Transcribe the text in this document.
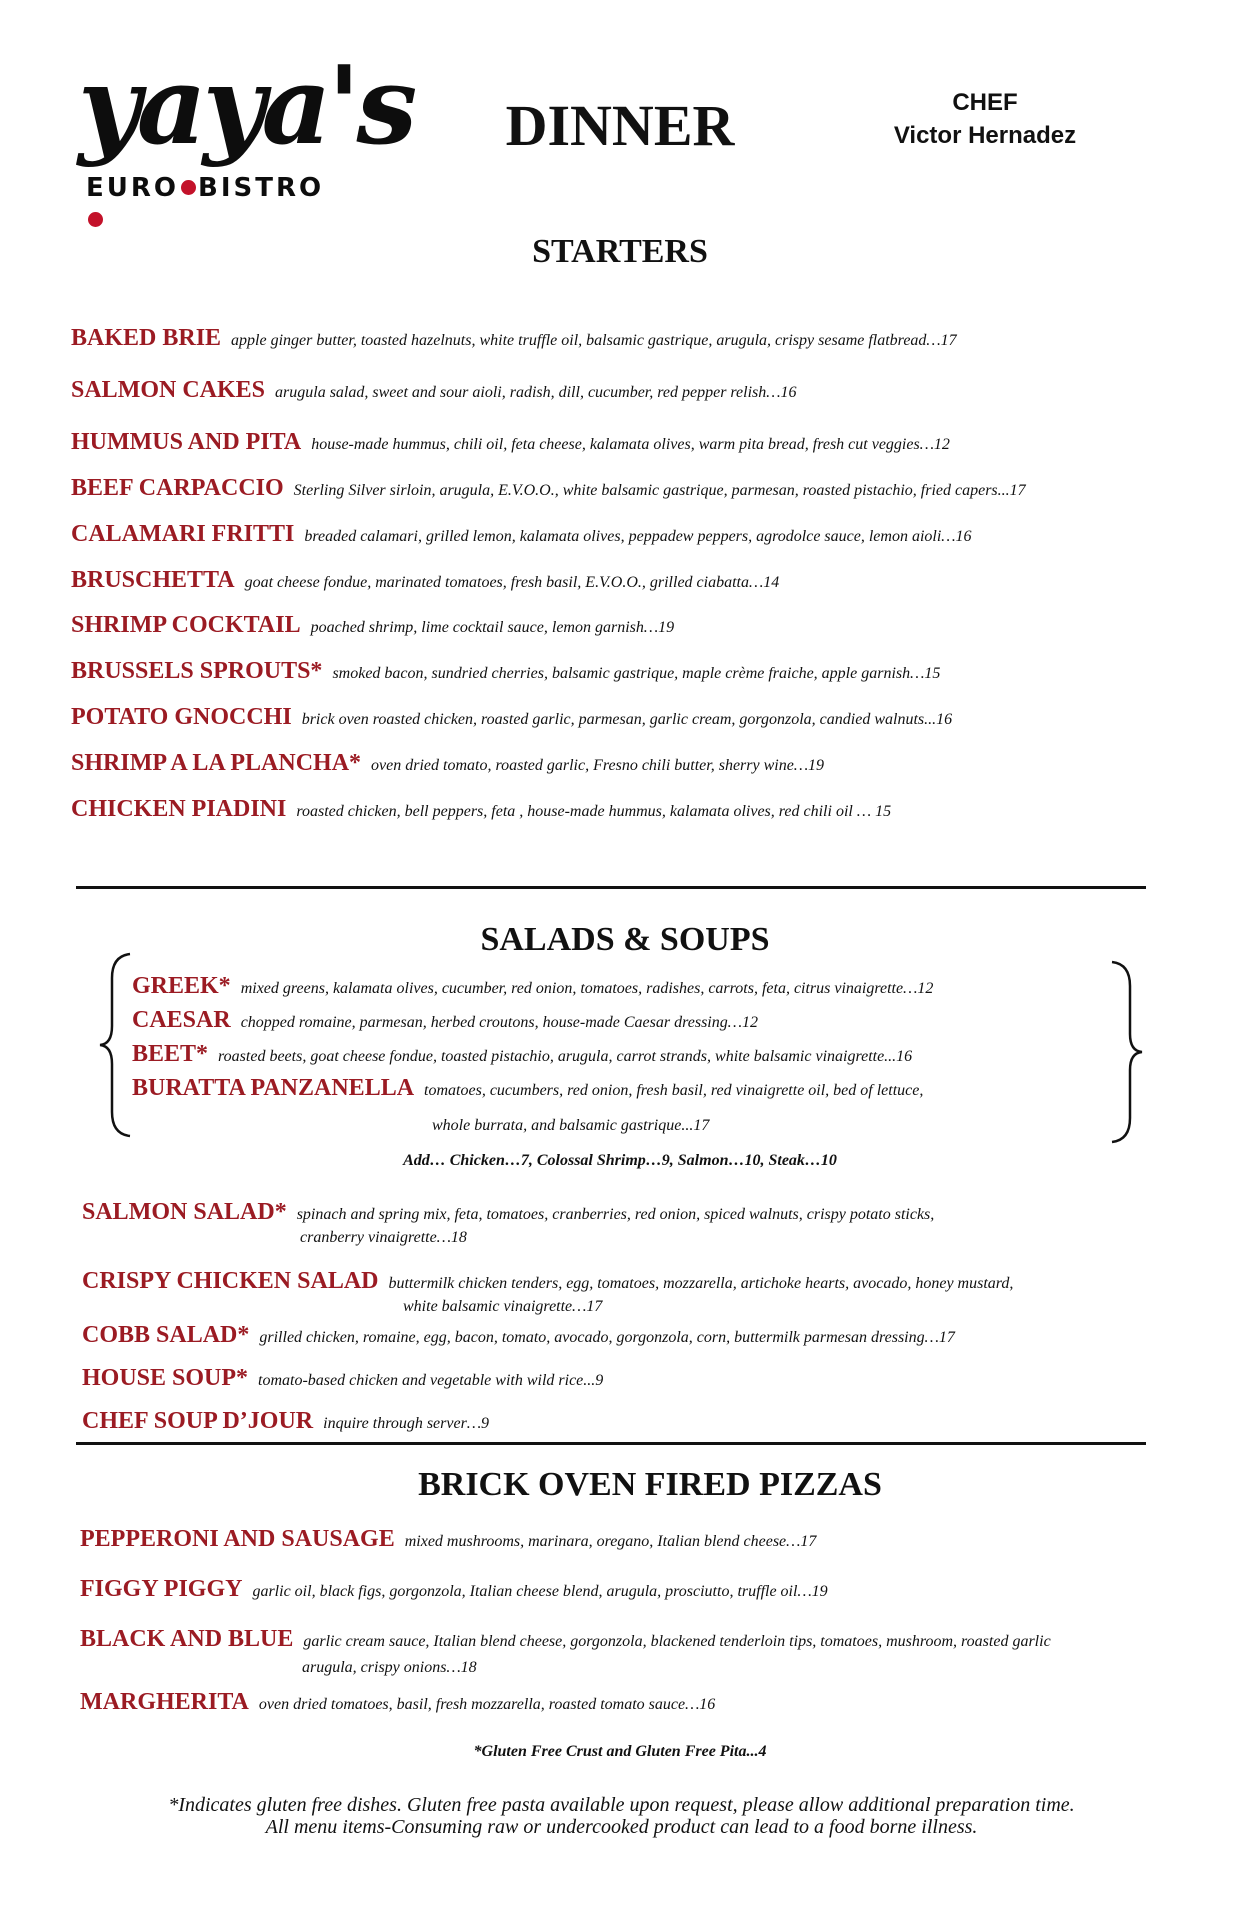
yaya's
EURO BISTRO
DINNER	CHEF
Victor Hernadez
STARTERS
BAKED BRIE apple ginger butter, toasted hazelnuts, white truffle oil, balsamic gastrique, arugula, crispy sesame flatbread…17
SALMON CAKES arugula salad, sweet and sour aioli, radish, dill, cucumber, red pepper relish…16
HUMMUS AND PITA house-made hummus, chili oil, feta cheese, kalamata olives, warm pita bread, fresh cut veggies…12
BEEF CARPACCIO Sterling Silver sirloin, arugula, E.V.O.O., white balsamic gastrique, parmesan, roasted pistachio, fried capers...17
CALAMARI FRITTI breaded calamari, grilled lemon, kalamata olives, peppadew peppers, agrodolce sauce, lemon aioli…16
BRUSCHETTA goat cheese fondue, marinated tomatoes, fresh basil, E.V.O.O., grilled ciabatta…14
SHRIMP COCKTAIL poached shrimp, lime cocktail sauce, lemon garnish…19
BRUSSELS SPROUTS* smoked bacon, sundried cherries, balsamic gastrique, maple crème fraiche, apple garnish…15
POTATO GNOCCHI brick oven roasted chicken, roasted garlic, parmesan, garlic cream, gorgonzola, candied walnuts...16
SHRIMP A LA PLANCHA* oven dried tomato, roasted garlic, Fresno chili butter, sherry wine…19
CHICKEN PIADINI roasted chicken, bell peppers, feta , house-made hummus, kalamata olives, red chili oil … 15
SALADS & SOUPS
GREEK* mixed greens, kalamata olives, cucumber, red onion, tomatoes, radishes, carrots, feta, citrus vinaigrette…12
CAESAR chopped romaine, parmesan, herbed croutons, house-made Caesar dressing…12
BEET* roasted beets, goat cheese fondue, toasted pistachio, arugula, carrot strands, white balsamic vinaigrette...16
BURATTA PANZANELLA tomatoes, cucumbers, red onion, fresh basil, red vinaigrette oil, bed of lettuce,
whole burrata, and balsamic gastrique...17
Add… Chicken…7, Colossal Shrimp…9, Salmon…10, Steak…10
SALMON SALAD* spinach and spring mix, feta, tomatoes, cranberries, red onion, spiced walnuts, crispy potato sticks,
cranberry vinaigrette…18
CRISPY CHICKEN SALAD buttermilk chicken tenders, egg, tomatoes, mozzarella, artichoke hearts, avocado, honey mustard,
white balsamic vinaigrette…17
COBB SALAD* grilled chicken, romaine, egg, bacon, tomato, avocado, gorgonzola, corn, buttermilk parmesan dressing…17
HOUSE SOUP* tomato-based chicken and vegetable with wild rice...9
CHEF SOUP D’JOUR inquire through server…9
BRICK OVEN FIRED PIZZAS
PEPPERONI AND SAUSAGE mixed mushrooms, marinara, oregano, Italian blend cheese…17
FIGGY PIGGY garlic oil, black figs, gorgonzola, Italian cheese blend, arugula, prosciutto, truffle oil…19
BLACK AND BLUE garlic cream sauce, Italian blend cheese, gorgonzola, blackened tenderloin tips, tomatoes, mushroom, roasted garlic
arugula, crispy onions…18
MARGHERITA oven dried tomatoes, basil, fresh mozzarella, roasted tomato sauce…16
*Gluten Free Crust and Gluten Free Pita...4
*Indicates gluten free dishes. Gluten free pasta available upon request, please allow additional preparation time.
All menu items-Consuming raw or undercooked product can lead to a food borne illness.
